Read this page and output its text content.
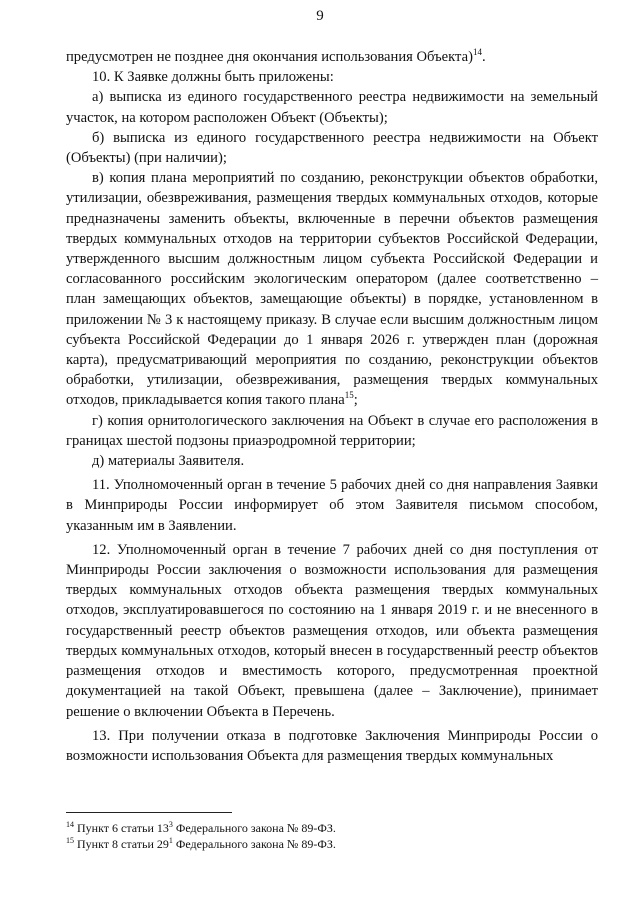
9

предусмотрен не позднее дня окончания использования Объекта)$^{14}$.

10. К Заявке должны быть приложены:

а) выписка из единого государственного реестра недвижимости на земельный участок, на котором расположен Объект (Объекты);

б) выписка из единого государственного реестра недвижимости на Объект (Объекты) (при наличии);

в) копия плана мероприятий по созданию, реконструкции объектов обработки, утилизации, обезвреживания, размещения твердых коммунальных отходов, которые предназначены заменить объекты, включенные в перечни объектов размещения твердых коммунальных отходов на территории субъектов Российской Федерации, утвержденного высшим должностным лицом субъекта Российской Федерации и согласованного российским экологическим оператором (далее соответственно – план замещающих объектов, замещающие объекты) в порядке, установленном в приложении № 3 к настоящему приказу. В случае если высшим должностным лицом субъекта Российской Федерации до 1 января 2026 г. утвержден план (дорожная карта), предусматривающий мероприятия по созданию, реконструкции объектов обработки, утилизации, обезвреживания, размещения твердых коммунальных отходов, прикладывается копия такого плана$^{15}$;

г) копия орнитологического заключения на Объект в случае его расположения в границах шестой подзоны приаэродромной территории;

д) материалы Заявителя.

11. Уполномоченный орган в течение 5 рабочих дней со дня направления Заявки в Минприроды России информирует об этом Заявителя письмом способом, указанным им в Заявлении.

12. Уполномоченный орган в течение 7 рабочих дней со дня поступления от Минприроды России заключения о возможности использования для размещения твердых коммунальных отходов объекта размещения твердых коммунальных отходов, эксплуатировавшегося по состоянию на 1 января 2019 г. и не внесенного в государственный реестр объектов размещения отходов, или объекта размещения твердых коммунальных отходов, который внесен в государственный реестр объектов размещения отходов и вместимость которого, предусмотренная проектной документацией на такой Объект, превышена (далее – Заключение), принимает решение о включении Объекта в Перечень.

13. При получении отказа в подготовке Заключения Минприроды России о возможности использования Объекта для размещения твердых коммунальных

$^{14}$ Пункт 6 статьи $13^3$ Федерального закона № 89-ФЗ.
$^{15}$ Пункт 8 статьи $29^1$ Федерального закона № 89-ФЗ.
